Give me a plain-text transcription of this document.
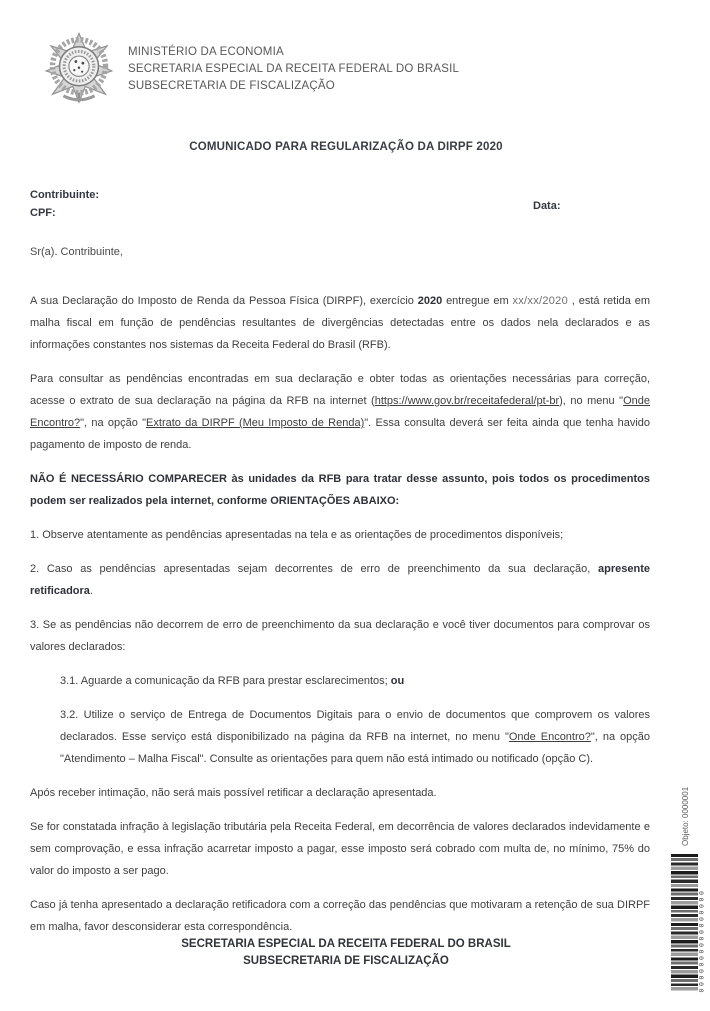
MINISTÉRIO DA ECONOMIA
SECRETARIA ESPECIAL DA RECEITA FEDERAL DO BRASIL
SUBSECRETARIA DE FISCALIZAÇÃO
COMUNICADO PARA REGULARIZAÇÃO DA DIRPF 2020
Contribuinte:
CPF:
Data:

Sr(a). Contribuinte,

A sua Declaração do Imposto de Renda da Pessoa Física (DIRPF), exercício 2020 entregue em xx/xx/2020 , está retida em malha fiscal em função de pendências resultantes de divergências detectadas entre os dados nela declarados e as informações constantes nos sistemas da Receita Federal do Brasil (RFB).

Para consultar as pendências encontradas em sua declaração e obter todas as orientações necessárias para correção, acesse o extrato de sua declaração na página da RFB na internet (https://www.gov.br/receitafederal/pt-br), no menu "Onde Encontro?", na opção "Extrato da DIRPF (Meu Imposto de Renda)". Essa consulta deverá ser feita ainda que tenha havido pagamento de imposto de renda.

NÃO É NECESSÁRIO COMPARECER às unidades da RFB para tratar desse assunto, pois todos os procedimentos podem ser realizados pela internet, conforme ORIENTAÇÕES ABAIXO:

1. Observe atentamente as pendências apresentadas na tela e as orientações de procedimentos disponíveis;

2. Caso as pendências apresentadas sejam decorrentes de erro de preenchimento da sua declaração, apresente retificadora.

3. Se as pendências não decorrem de erro de preenchimento da sua declaração e você tiver documentos para comprovar os valores declarados:

3.1. Aguarde a comunicação da RFB para prestar esclarecimentos; ou

3.2. Utilize o serviço de Entrega de Documentos Digitais para o envio de documentos que comprovem os valores declarados. Esse serviço está disponibilizado na página da RFB na internet, no menu "Onde Encontro?", na opção "Atendimento – Malha Fiscal". Consulte as orientações para quem não está intimado ou notificado (opção C).

Após receber intimação, não será mais possível retificar a declaração apresentada.

Se for constatada infração à legislação tributária pela Receita Federal, em decorrência de valores declarados indevidamente e sem comprovação, e essa infração acarretar imposto a pagar, esse imposto será cobrado com multa de, no mínimo, 75% do valor do imposto a ser pago.

Caso já tenha apresentado a declaração retificadora com a correção das pendências que motivaram a retenção de sua DIRPF em malha, favor desconsiderar esta correspondência.

SECRETARIA ESPECIAL DA RECEITA FEDERAL DO BRASIL
SUBSECRETARIA DE FISCALIZAÇÃO
Objeto: 0000001
0000000000000000
